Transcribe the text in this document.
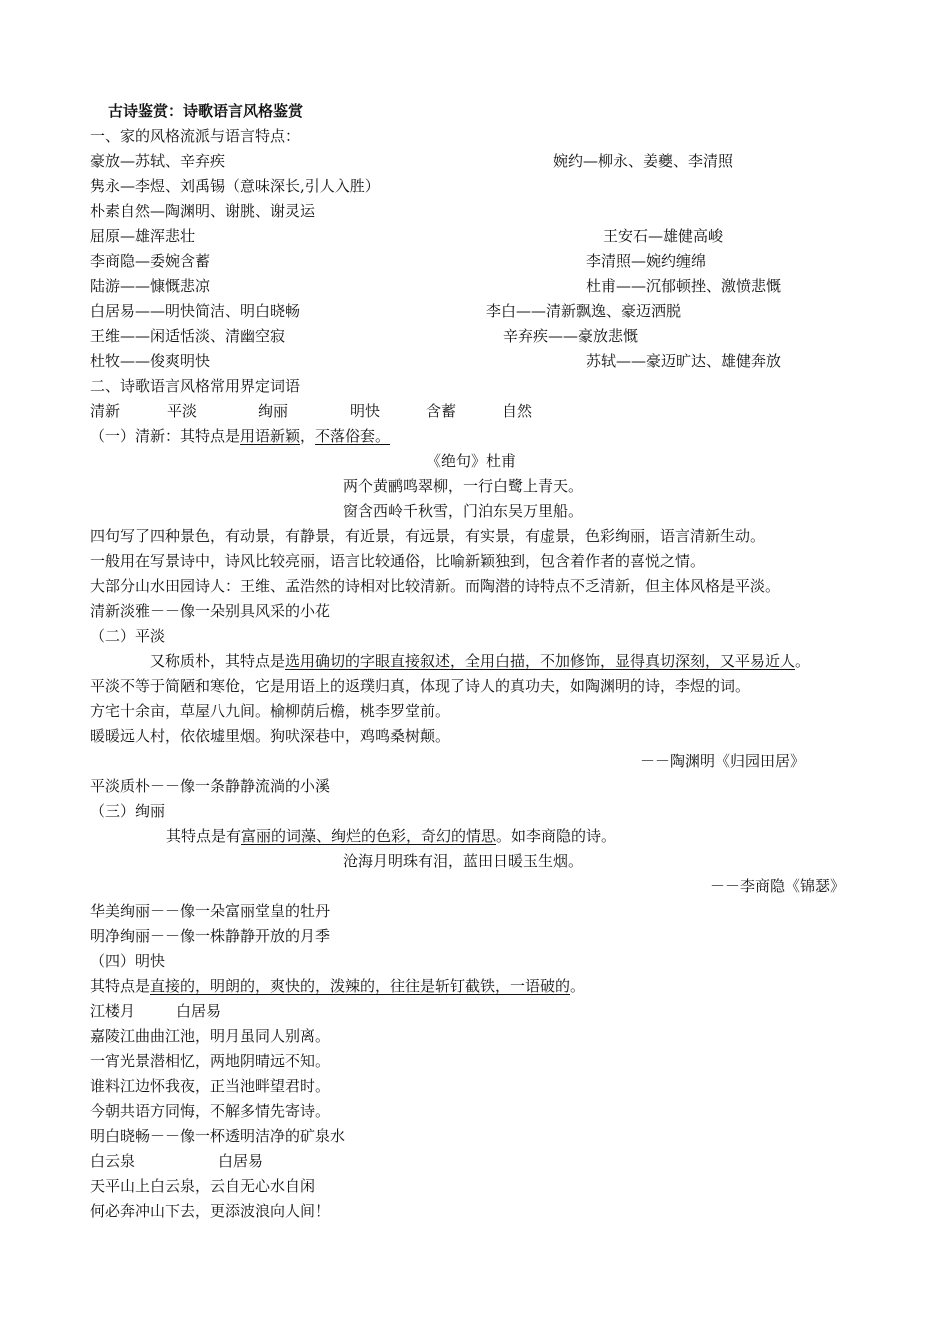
古诗鉴赏：诗歌语言风格鉴赏
一、家的风格流派与语言特点：
豪放—苏轼、辛弃疾	婉约—柳永、姜夔、李清照
隽永—李煜、刘禹锡（意味深长,引人入胜）
朴素自然—陶渊明、谢朓、谢灵运
屈原—雄浑悲壮	王安石—雄健高峻
李商隐—委婉含蓄	李清照—婉约缠绵
陆游——慷慨悲凉	杜甫——沉郁顿挫、激愤悲慨
白居易——明快简洁、明白晓畅	李白——清新飘逸、豪迈洒脱
王维——闲适恬淡、清幽空寂	辛弃疾——豪放悲慨
杜牧——俊爽明快	苏轼——豪迈旷达、雄健奔放
二、诗歌语言风格常用界定词语
清新	平淡	绚丽	明快	含蓄	自然
（一）清新：其特点是用语新颖，不落俗套。
《绝句》杜甫
两个黄鹂鸣翠柳，一行白鹭上青天。
窗含西岭千秋雪，门泊东吴万里船。
四句写了四种景色，有动景，有静景，有近景，有远景，有实景，有虚景，色彩绚丽，语言清新生动。
一般用在写景诗中，诗风比较亮丽，语言比较通俗，比喻新颖独到，包含着作者的喜悦之情。
大部分山水田园诗人：王维、孟浩然的诗相对比较清新。而陶潜的诗特点不乏清新，但主体风格是平淡。
清新淡雅－－像一朵别具风采的小花
（二）平淡
又称质朴，其特点是选用确切的字眼直接叙述，全用白描，不加修饰，显得真切深刻，又平易近人。
平淡不等于简陋和寒伧，它是用语上的返璞归真，体现了诗人的真功夫，如陶渊明的诗，李煜的词。
方宅十余亩，草屋八九间。榆柳荫后檐，桃李罗堂前。
暖暖远人村，依依墟里烟。狗吠深巷中，鸡鸣桑树颠。
－－陶渊明《归园田居》
平淡质朴－－像一条静静流淌的小溪
（三）绚丽
其特点是有富丽的词藻、绚烂的色彩，奇幻的情思。如李商隐的诗。
沧海月明珠有泪，蓝田日暖玉生烟。
－－李商隐《锦瑟》
华美绚丽－－像一朵富丽堂皇的牡丹
明净绚丽－－像一株静静开放的月季
（四）明快
其特点是直接的，明朗的，爽快的，泼辣的，往往是斩钉截铁，一语破的。
江楼月	白居易
嘉陵江曲曲江池，明月虽同人别离。
一宵光景潜相忆，两地阴晴远不知。
谁料江边怀我夜，正当池畔望君时。
今朝共语方同悔，不解多情先寄诗。
明白晓畅－－像一杯透明洁净的矿泉水
白云泉	白居易
天平山上白云泉，云自无心水自闲
何必奔冲山下去，更添波浪向人间！
